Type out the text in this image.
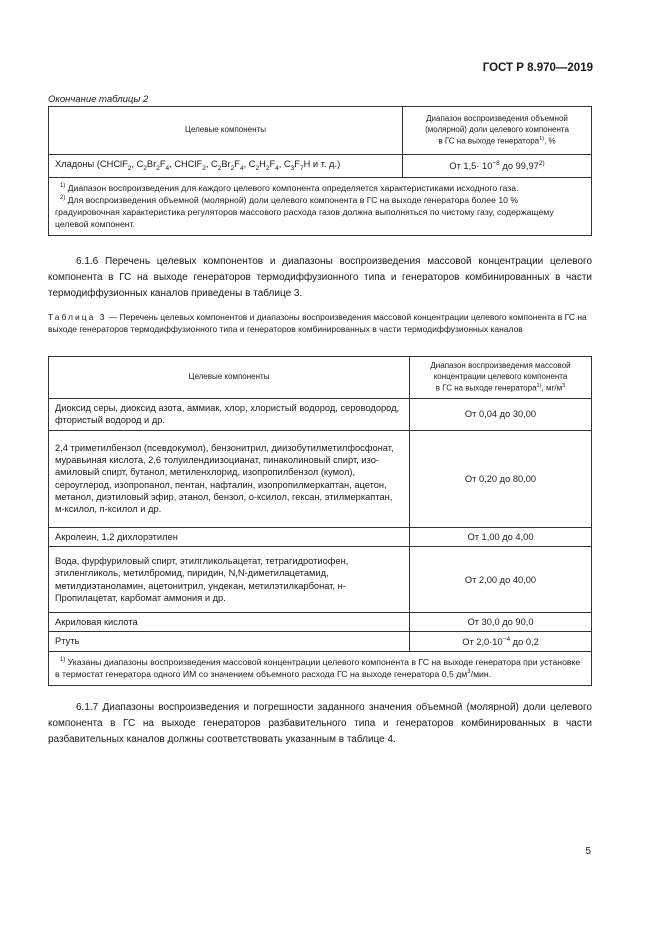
ГОСТ Р 8.970—2019
Окончание таблицы 2
Целевые компоненты	Диапазон воспроизведения объемной
(молярной) доли целевого компонента
в ГС на выходе генератора$^{1)}$, %
Хладоны (CHClF$_2$, $C_2Br_2F_4$, CHClF$_2$, $C_2Br_2F_4$, $C_2H_2F_4$, $C_3F_7H$ и т. д.)	От $1,5\cdot 10^{-8}$ до 99,97$^{2)}$

$^{1)}$ Диапазон воспроизведения для каждого целевого компонента определяется характеристиками исходного газа.

$^{2)}$ Для воспроизведения объемной (молярной) доли целевого компонента в ГС на выходе генератора более 10 % градуировочная характеристика регуляторов массового расхода газов должна выполняться по чистому газу, содержащему целевой компонент.	

6.1.6 Перечень целевых компонентов и диапазоны воспроизведения массовой концентрации целевого компонента в ГС на выходе генераторов термодиффузионного типа и генераторов комбинированных в части термодиффузионных каналов приведены в таблице 3.

Таблица 3 — Перечень целевых компонентов и диапазоны воспроизведения массовой концентрации целевого компонента в ГС на выходе генераторов термодиффузионного типа и генераторов комбинированных в части термодиффузионных каналов

Целевые компоненты	Диапазон воспроизведения массовой
концентрации целевого компонента
в ГС на выходе генератора$^{1)}$, $мг/м^3$
Диоксид серы, диоксид азота, аммиак, хлор, хлористый водород, сероводород, фтористый водород и др.	От 0,04 до 30,00
2,4 триметилбензол (псевдокумол), бензонитрил, диизобутилметилфосфонат, муравьиная кислота, 2,6 толуилендиизоцианат, пинаколиновый спирт, изо-амиловый спирт, бутанол, метиленхлорид, изопропилбензол (кумол), сероуглерод, изопропанол, пентан, нафталин, изопропилмеркаптан, ацетон, метанол, диэтиловый эфир, этанол, бензол, о-ксилол, гексан, этилмеркаптан, м-ксилол, п-ксилол и др.	От 0,20 до 80,00
Акролеин, 1,2 дихлорэтилен	От 1,00 до 4,00
Вода, фурфуриловый спирт, этилгликольацетат, тетрагидротиофен, этиленгликоль, метилбромид, пиридин, N,N-диметилацетамид, метилдиэтаноламин, ацетонитрил, ундекан, метилэтилкарбонат, н-Пропилацетат, карбомат аммония и др.	От 2,00 до 40,00
Акриловая кислота	От 30,0 до 90,0
Ртуть	От $2,0\cdot 10^{-4}$ до 0,2

$^{1)}$ Указаны диапазоны воспроизведения массовой концентрации целевого компонента в ГС на выходе генератора при установке в термостат генератора одного ИМ со значением объемного расхода ГС на выходе генератора 0,5 $дм^3$/мин.	

6.1.7 Диапазоны воспроизведения и погрешности заданного значения объемной (молярной) доли целевого компонента в ГС на выходе генераторов разбавительного типа и генераторов комбинированных в части разбавительных каналов должны соответствовать указанным в таблице 4.

5
